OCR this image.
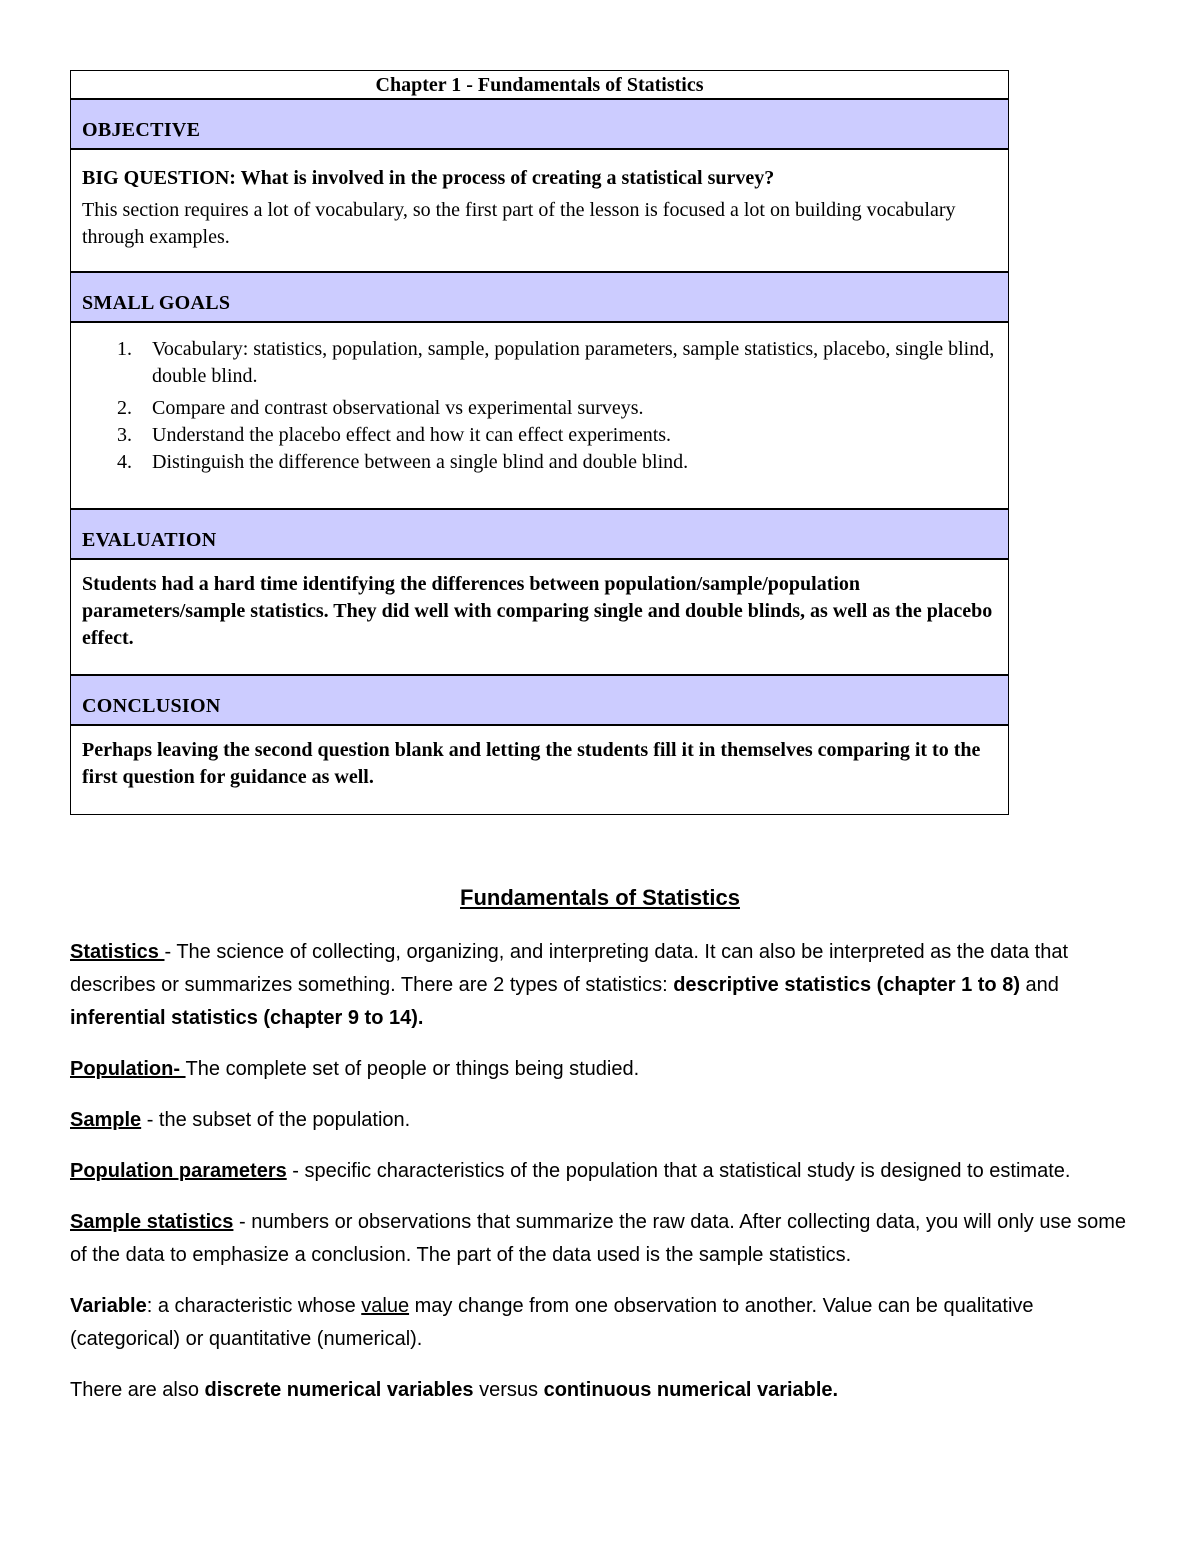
Chapter 1 - Fundamentals of Statistics
OBJECTIVE
BIG QUESTION: What is involved in the process of creating a statistical survey?
This section requires a lot of vocabulary, so the first part of the lesson is focused a lot on building vocabulary through examples.
SMALL GOALS
1. Vocabulary: statistics, population, sample, population parameters, sample statistics, placebo, single blind, double blind.
2. Compare and contrast observational vs experimental surveys.
3. Understand the placebo effect and how it can effect experiments.
4. Distinguish the difference between a single blind and double blind.
EVALUATION
Students had a hard time identifying the differences between population/sample/population parameters/sample statistics. They did well with comparing single and double blinds, as well as the placebo effect.
CONCLUSION
Perhaps leaving the second question blank and letting the students fill it in themselves comparing it to the first question for guidance as well.
Fundamentals of Statistics

Statistics - The science of collecting, organizing, and interpreting data. It can also be interpreted as the data that describes or summarizes something. There are 2 types of statistics: descriptive statistics (chapter 1 to 8) and inferential statistics (chapter 9 to 14).

Population- The complete set of people or things being studied.

Sample - the subset of the population.

Population parameters - specific characteristics of the population that a statistical study is designed to estimate.

Sample statistics - numbers or observations that summarize the raw data. After collecting data, you will only use some of the data to emphasize a conclusion. The part of the data used is the sample statistics.

Variable: a characteristic whose value may change from one observation to another. Value can be qualitative (categorical) or quantitative (numerical).

There are also discrete numerical variables versus continuous numerical variable.
